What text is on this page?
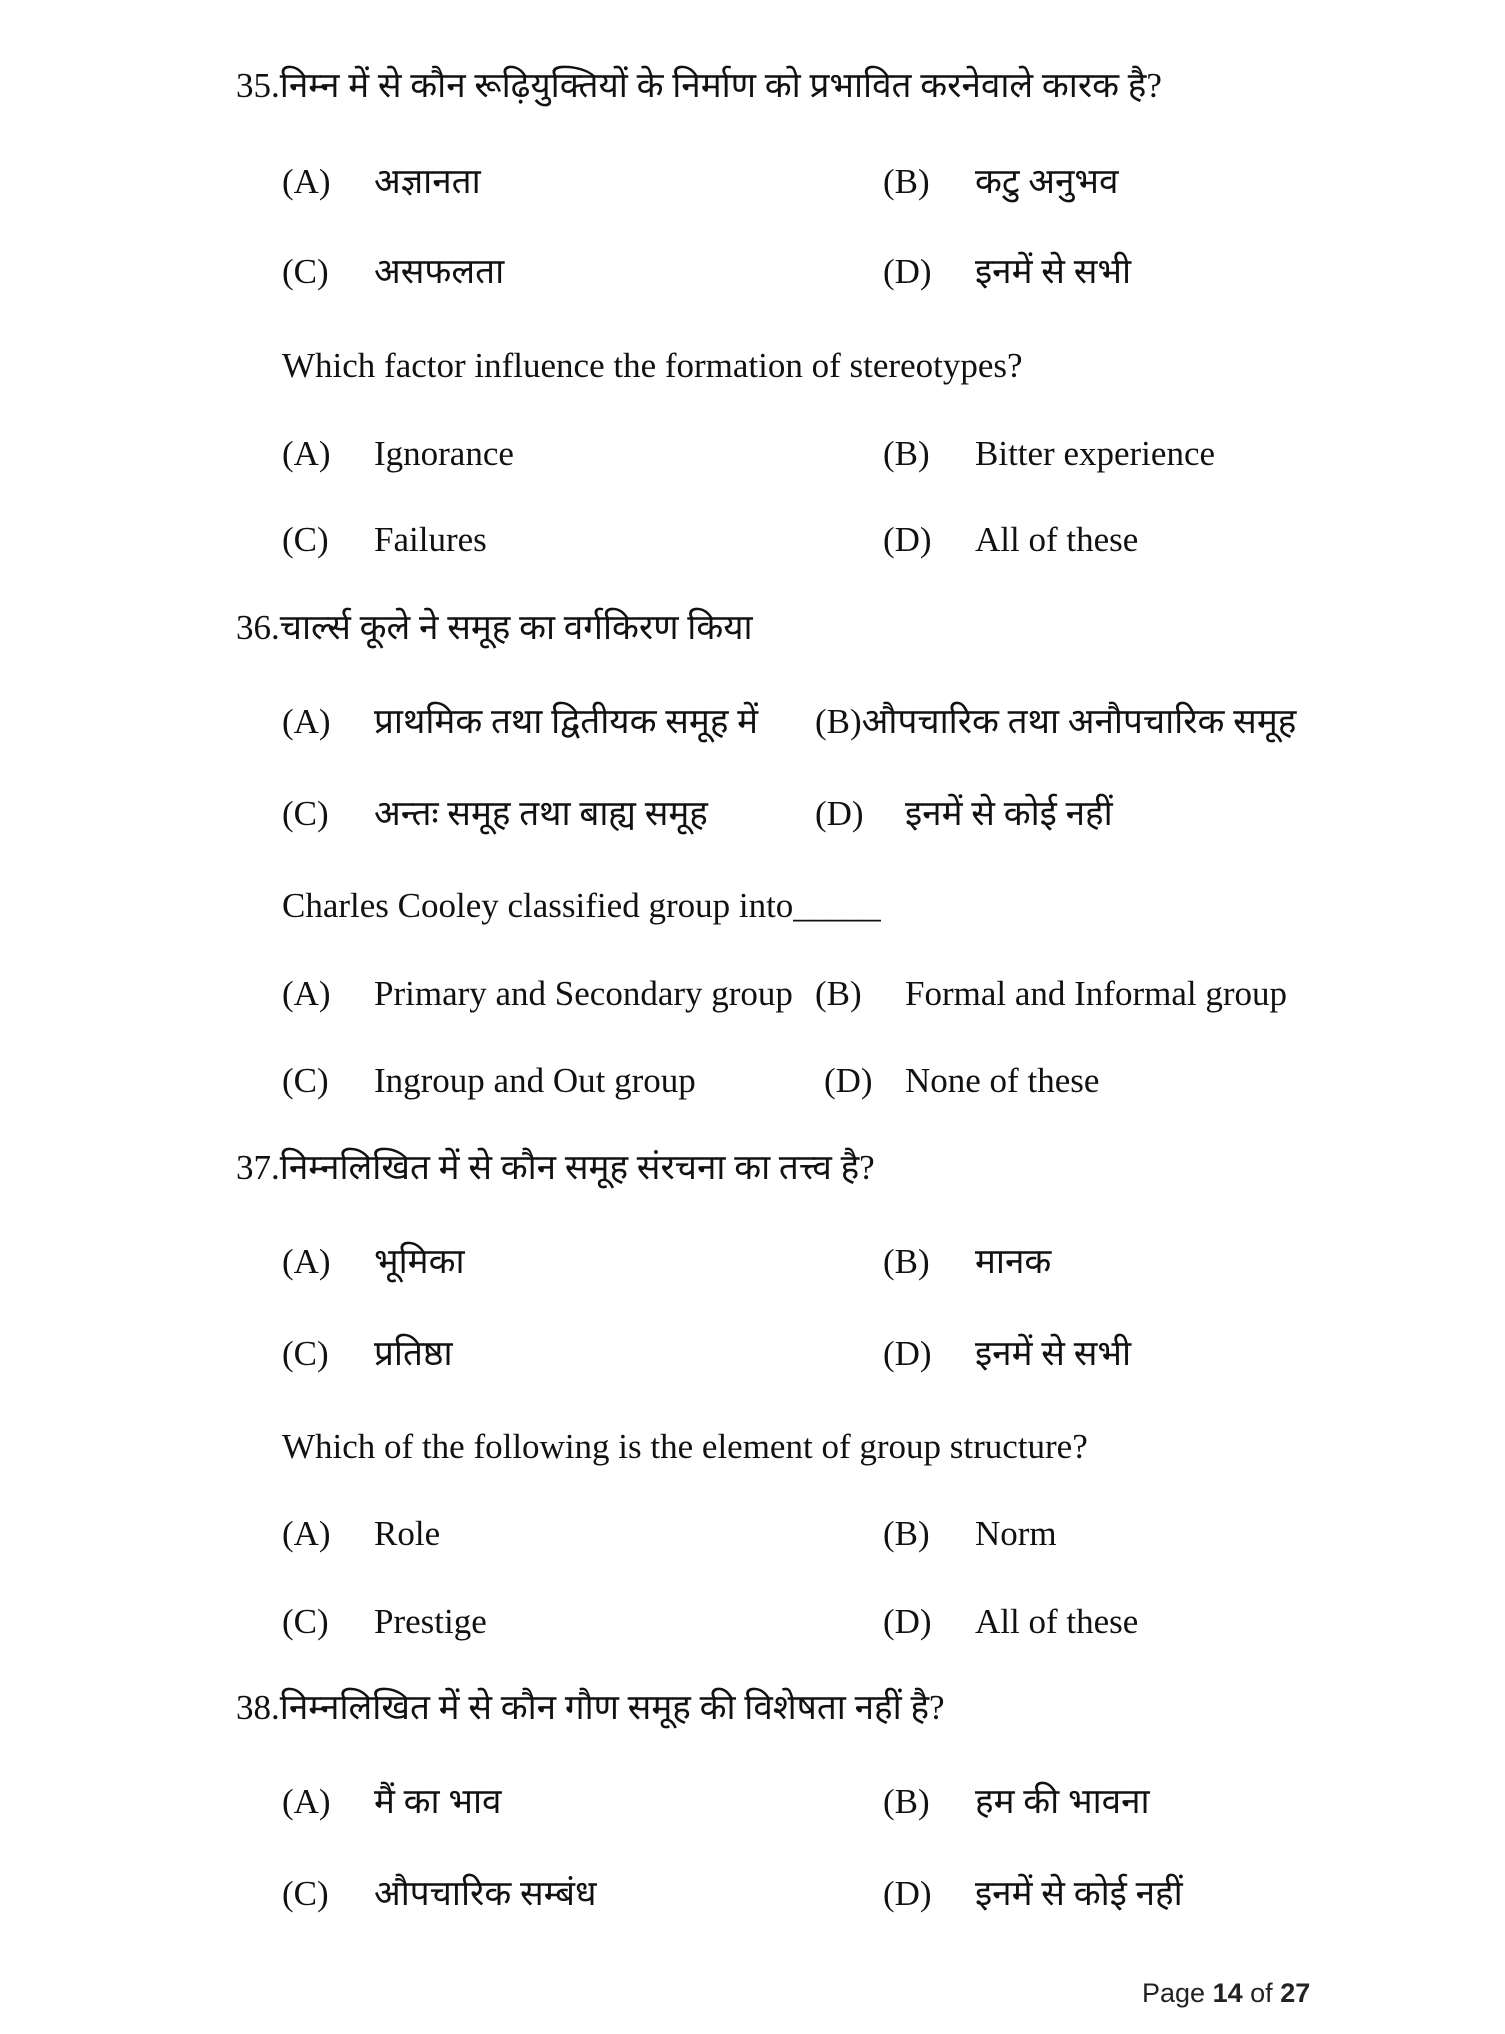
35.निम्न में से कौन रूढ़ियुक्तियों के निर्माण को प्रभावित करनेवाले कारक है?
(A) अज्ञानता	(B) कटु अनुभव
(C) असफलता	(D) इनमें से सभी
Which factor influence the formation of stereotypes?
(A) Ignorance	(B) Bitter experience
(C) Failures	(D) All of these
36.चार्ल्स कूले ने समूह का वर्गकिरण किया
(A) प्राथमिक तथा द्वितीयक समूह में (B)औपचारिक तथा अनौपचारिक समूह
(C) अन्तः समूह तथा बाह्य समूह	(D) इनमें से कोई नहीं
Charles Cooley classified group into_____
(A) Primary and Secondary group (B) Formal and Informal group
(C) Ingroup and Out group	(D) None of these
37.निम्नलिखित में से कौन समूह संरचना का तत्त्व है?
(A) भूमिका	(B) मानक
(C) प्रतिष्ठा	(D) इनमें से सभी
Which of the following is the element of group structure?
(A) Role	(B) Norm
(C) Prestige	(D) All of these
38.निम्नलिखित में से कौन गौण समूह की विशेषता नहीं है?
(A) मैं का भाव	(B) हम की भावना
(C) औपचारिक सम्बंध	(D) इनमें से कोई नहीं
Page 14 of 27
